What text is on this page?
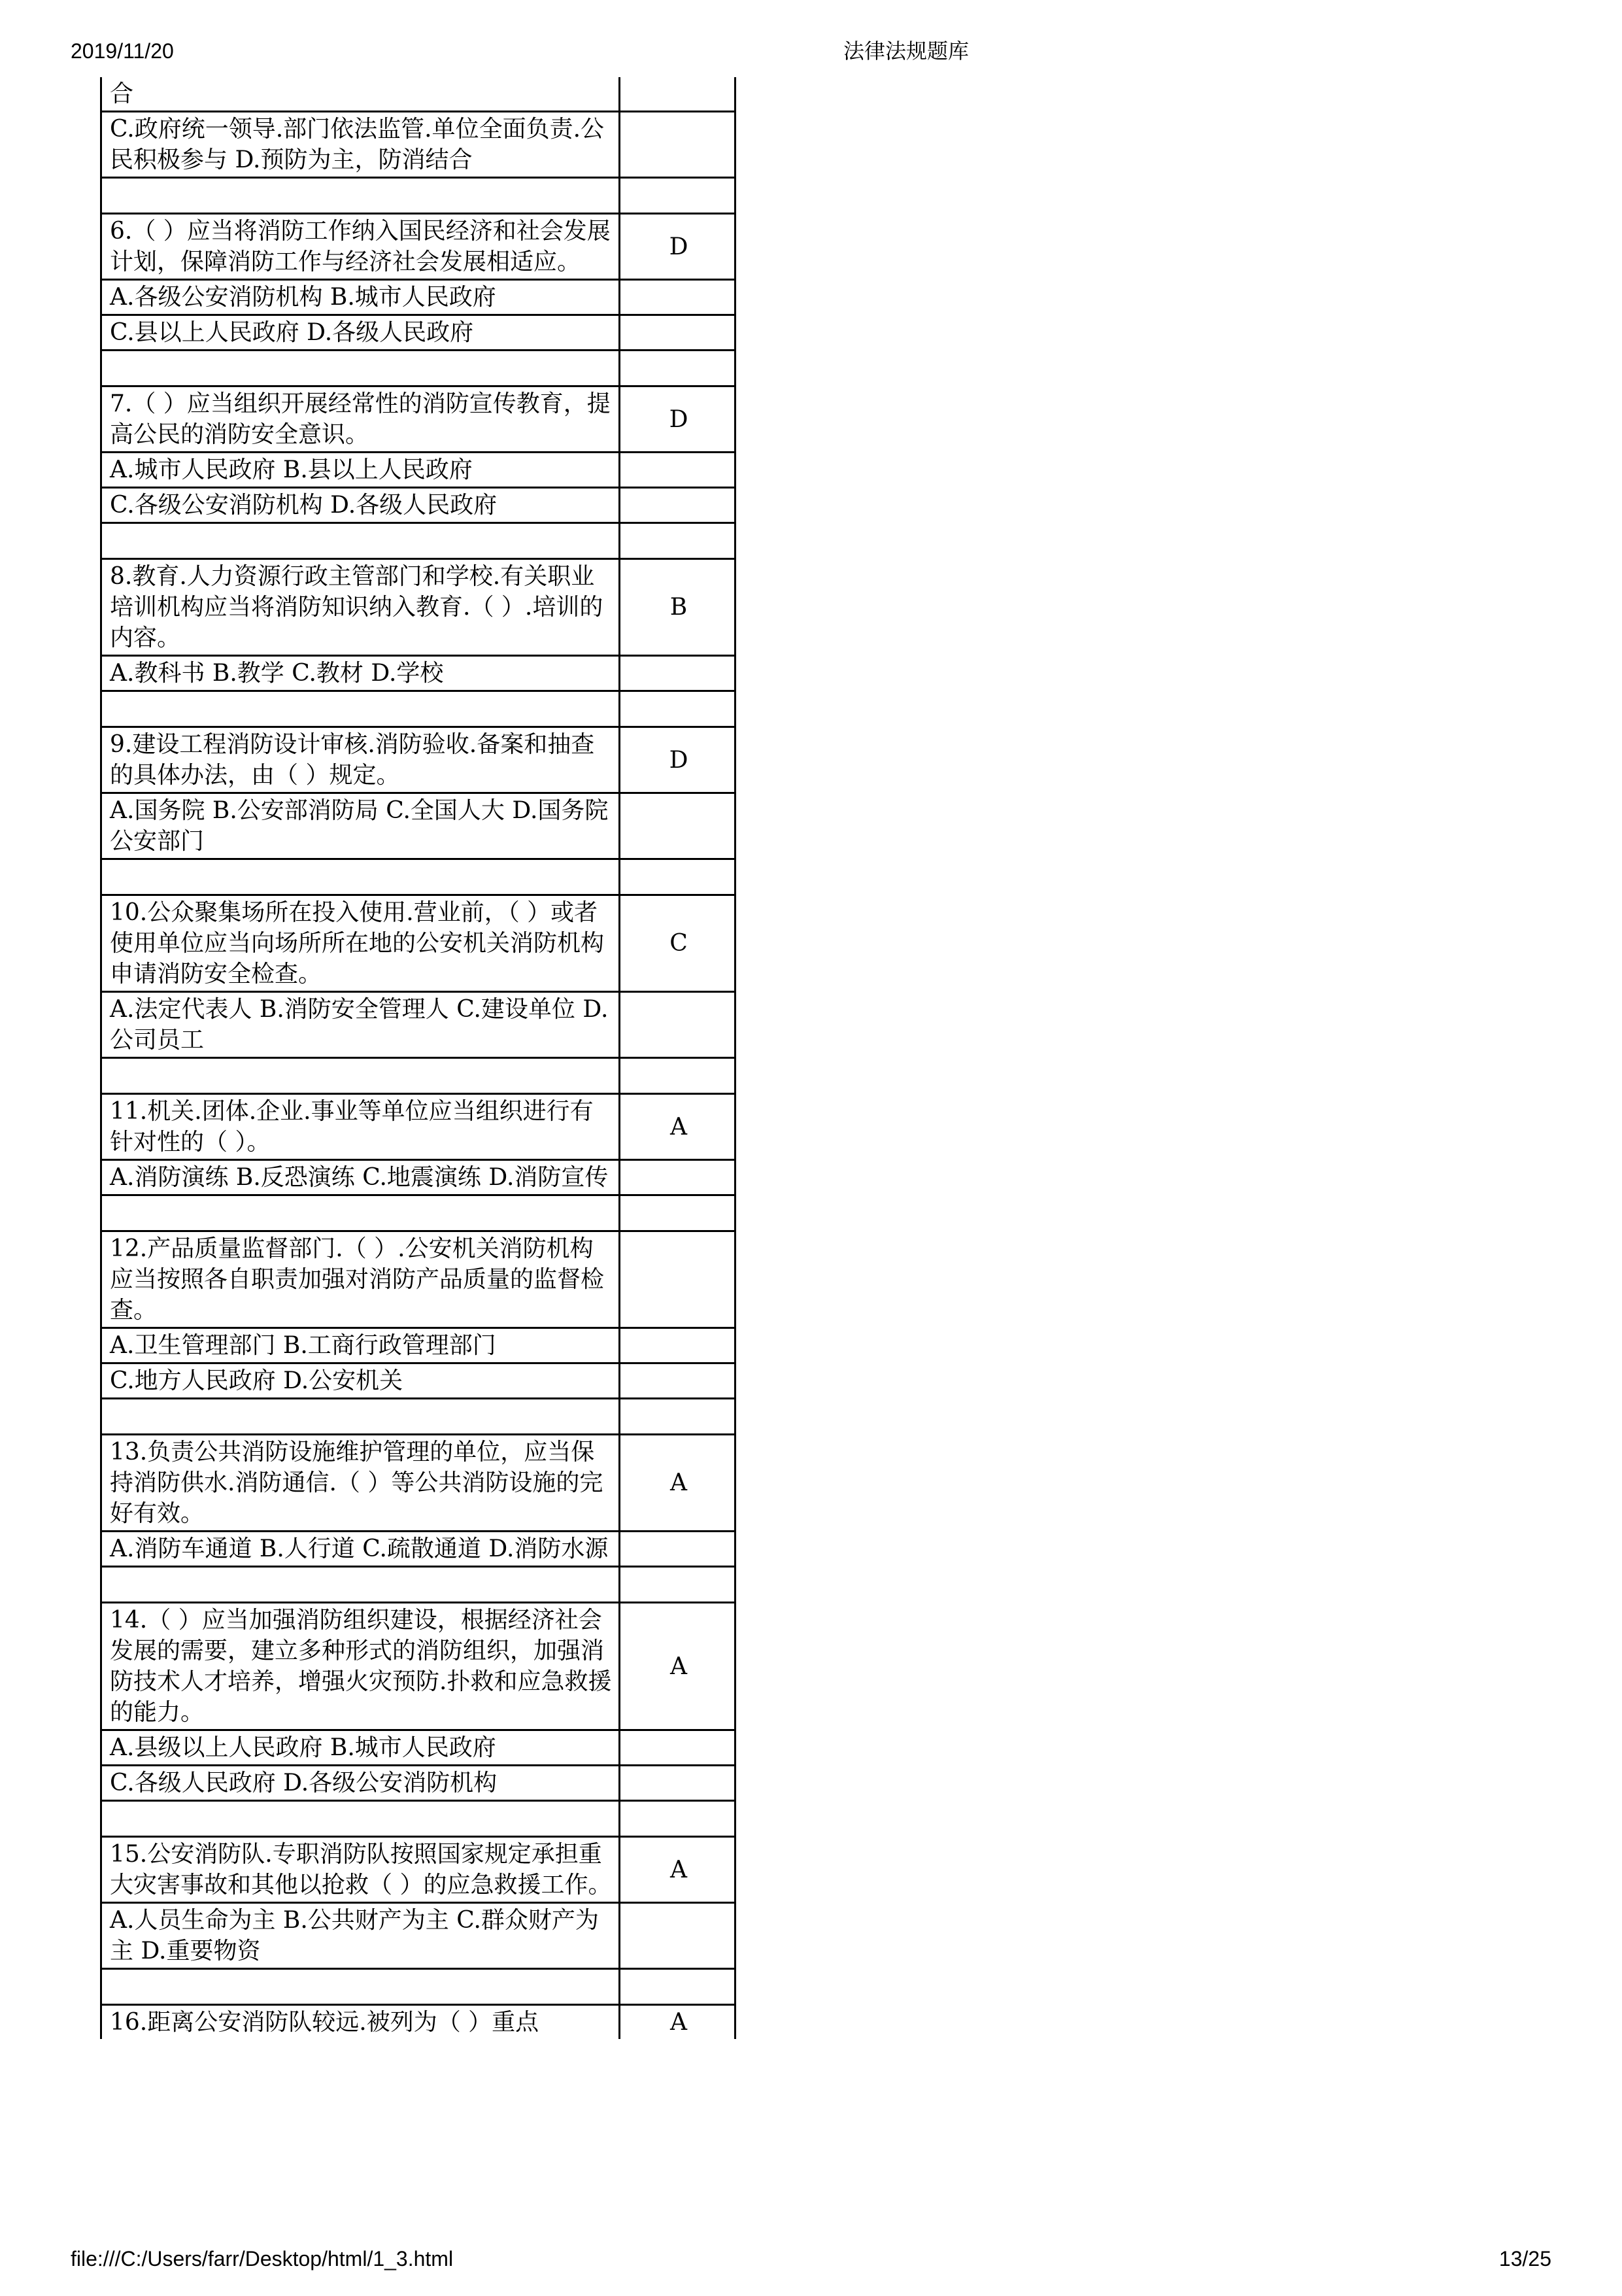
2019/11/20	法律法规题库
合	
C.政府统一领导.部门依法监管.单位全面负责.公民积极参与 D.预防为主，防消结合	

6.（ ）应当将消防工作纳入国民经济和社会发展计划，保障消防工作与经济社会发展相适应。	D
A.各级公安消防机构 B.城市人民政府	
C.县以上人民政府 D.各级人民政府	

7.（ ）应当组织开展经常性的消防宣传教育，提高公民的消防安全意识。	D
A.城市人民政府 B.县以上人民政府	
C.各级公安消防机构 D.各级人民政府	

8.教育.人力资源行政主管部门和学校.有关职业培训机构应当将消防知识纳入教育.（ ）.培训的内容。	B
A.教科书 B.教学 C.教材 D.学校	

9.建设工程消防设计审核.消防验收.备案和抽查的具体办法，由（ ）规定。	D
A.国务院 B.公安部消防局 C.全国人大 D.国务院公安部门	

10.公众聚集场所在投入使用.营业前，（ ）或者使用单位应当向场所所在地的公安机关消防机构申请消防安全检查。	C
A.法定代表人 B.消防安全管理人 C.建设单位 D.公司员工	

11.机关.团体.企业.事业等单位应当组织进行有针对性的（ ）。	A
A.消防演练 B.反恐演练 C.地震演练 D.消防宣传	

12.产品质量监督部门.（ ）.公安机关消防机构应当按照各自职责加强对消防产品质量的监督检查。	
A.卫生管理部门 B.工商行政管理部门	
C.地方人民政府 D.公安机关	

13.负责公共消防设施维护管理的单位，应当保持消防供水.消防通信.（ ）等公共消防设施的完好有效。	A
A.消防车通道 B.人行道 C.疏散通道 D.消防水源	

14.（ ）应当加强消防组织建设，根据经济社会发展的需要，建立多种形式的消防组织，加强消防技术人才培养，增强火灾预防.扑救和应急救援的能力。	A
A.县级以上人民政府 B.城市人民政府	
C.各级人民政府 D.各级公安消防机构	

15.公安消防队.专职消防队按照国家规定承担重大灾害事故和其他以抢救（ ）的应急救援工作。	A
A.人员生命为主 B.公共财产为主 C.群众财产为主 D.重要物资	

16.距离公安消防队较远.被列为（ ）重点	A
file:///C:/Users/farr/Desktop/html/1_3.html	13/25
